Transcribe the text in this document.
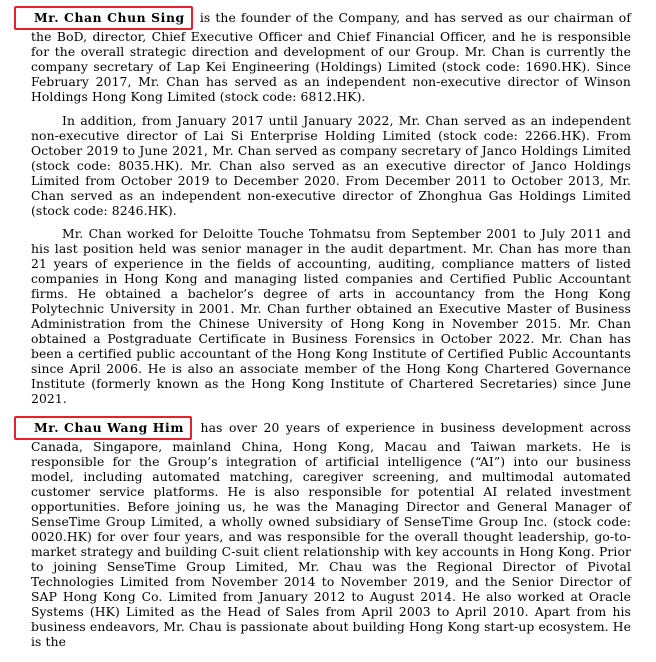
Mr. Chan Chun Sing is the founder of the Company, and has served as our chairman of the BoD, director, Chief Executive Officer and Chief Financial Officer, and he is responsible for the overall strategic direction and development of our Group. Mr. Chan is currently the company secretary of Lap Kei Engineering (Holdings) Limited (stock code: 1690.HK). Since February 2017, Mr. Chan has served as an independent non-executive director of Winson Holdings Hong Kong Limited (stock code: 6812.HK).

In addition, from January 2017 until January 2022, Mr. Chan served as an independent non-executive director of Lai Si Enterprise Holding Limited (stock code: 2266.HK). From October 2019 to June 2021, Mr. Chan served as company secretary of Janco Holdings Limited (stock code: 8035.HK). Mr. Chan also served as an executive director of Janco Holdings Limited from October 2019 to December 2020. From December 2011 to October 2013, Mr. Chan served as an independent non-executive director of Zhonghua Gas Holdings Limited (stock code: 8246.HK).

Mr. Chan worked for Deloitte Touche Tohmatsu from September 2001 to July 2011 and his last position held was senior manager in the audit department. Mr. Chan has more than 21 years of experience in the fields of accounting, auditing, compliance matters of listed companies in Hong Kong and managing listed companies and Certified Public Accountant firms. He obtained a bachelor’s degree of arts in accountancy from the Hong Kong Polytechnic University in 2001. Mr. Chan further obtained an Executive Master of Business Administration from the Chinese University of Hong Kong in November 2015. Mr. Chan obtained a Postgraduate Certificate in Business Forensics in October 2022. Mr. Chan has been a certified public accountant of the Hong Kong Institute of Certified Public Accountants since April 2006. He is also an associate member of the Hong Kong Chartered Governance Institute (formerly known as the Hong Kong Institute of Chartered Secretaries) since June 2021.

Mr. Chau Wang Him has over 20 years of experience in business development across Canada, Singapore, mainland China, Hong Kong, Macau and Taiwan markets. He is responsible for the Group’s integration of artificial intelligence (“AI”) into our business model, including automated matching, caregiver screening, and multimodal automated customer service platforms. He is also responsible for potential AI related investment opportunities. Before joining us, he was the Managing Director and General Manager of SenseTime Group Limited, a wholly owned subsidiary of SenseTime Group Inc. (stock code: 0020.HK) for over four years, and was responsible for the overall thought leadership, go-to-market strategy and building C-suit client relationship with key accounts in Hong Kong. Prior to joining SenseTime Group Limited, Mr. Chau was the Regional Director of Pivotal Technologies Limited from November 2014 to November 2019, and the Senior Director of SAP Hong Kong Co. Limited from January 2012 to August 2014. He also worked at Oracle Systems (HK) Limited as the Head of Sales from April 2003 to April 2010. Apart from his business endeavors, Mr. Chau is passionate about building Hong Kong start-up ecosystem. He is the
